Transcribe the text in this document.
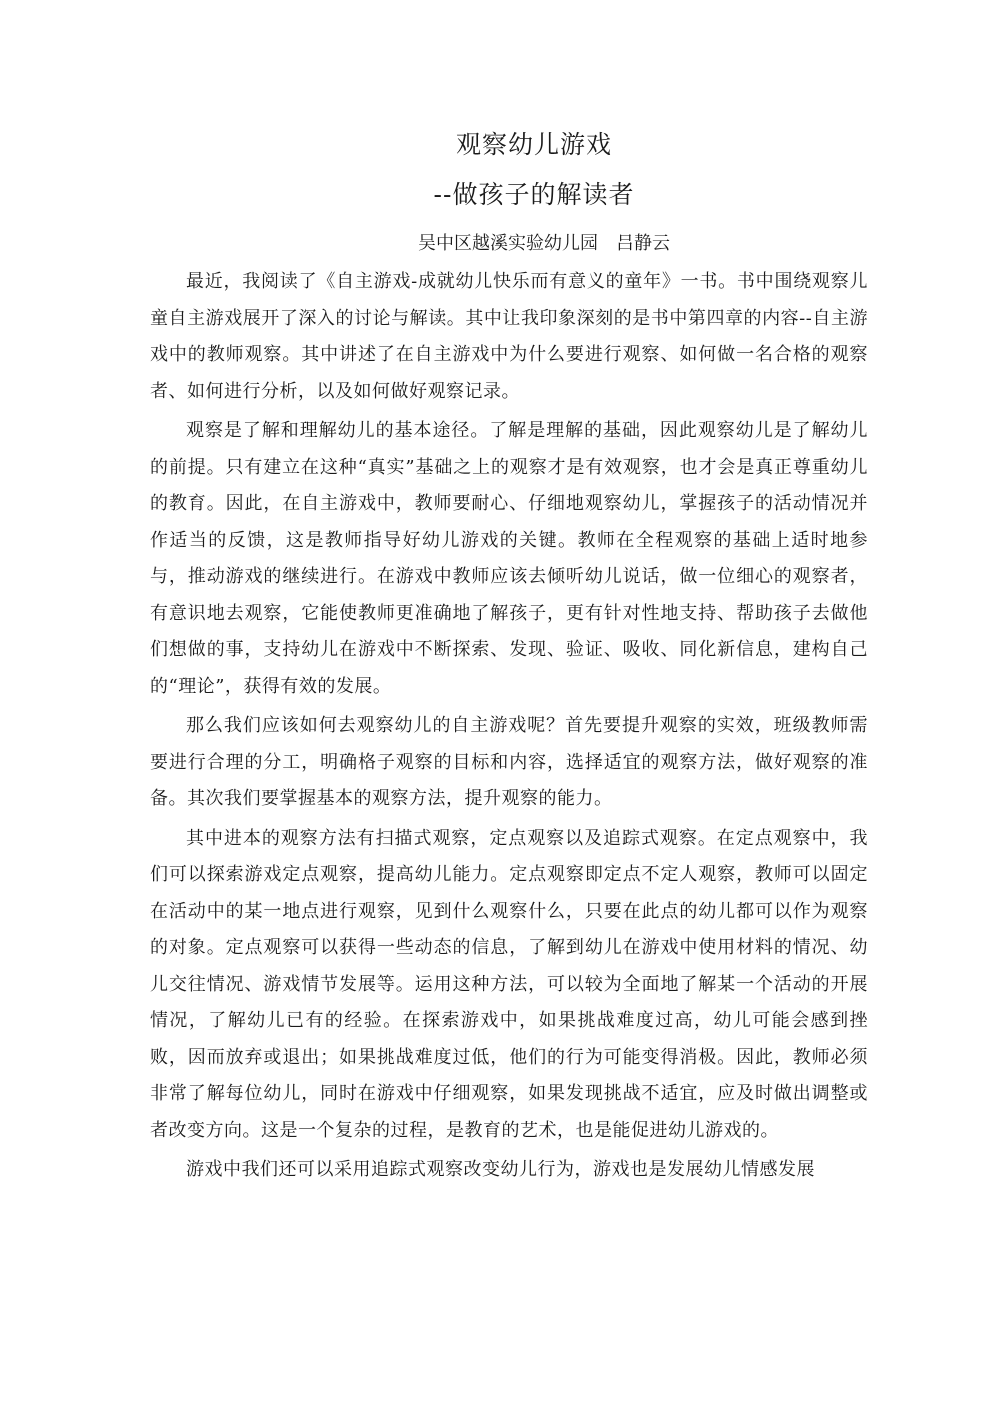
观察幼儿游戏
--做孩子的解读者
吴中区越溪实验幼儿园　吕静云

最近，我阅读了《自主游戏-成就幼儿快乐而有意义的童年》一书。书中围绕观察儿童自主游戏展开了深入的讨论与解读。其中让我印象深刻的是书中第四章的内容--自主游戏中的教师观察。其中讲述了在自主游戏中为什么要进行观察、如何做一名合格的观察者、如何进行分析，以及如何做好观察记录。

观察是了解和理解幼儿的基本途径。了解是理解的基础，因此观察幼儿是了解幼儿的前提。只有建立在这种“真实”基础之上的观察才是有效观察，也才会是真正尊重幼儿的教育。因此，在自主游戏中，教师要耐心、仔细地观察幼儿，掌握孩子的活动情况并作适当的反馈，这是教师指导好幼儿游戏的关键。教师在全程观察的基础上适时地参与，推动游戏的继续进行。在游戏中教师应该去倾听幼儿说话，做一位细心的观察者，有意识地去观察，它能使教师更准确地了解孩子，更有针对性地支持、帮助孩子去做他们想做的事，支持幼儿在游戏中不断探索、发现、验证、吸收、同化新信息，建构自己的“理论”，获得有效的发展。

那么我们应该如何去观察幼儿的自主游戏呢？首先要提升观察的实效，班级教师需要进行合理的分工，明确格子观察的目标和内容，选择适宜的观察方法，做好观察的准备。其次我们要掌握基本的观察方法，提升观察的能力。

其中进本的观察方法有扫描式观察，定点观察以及追踪式观察。在定点观察中，我们可以探索游戏定点观察，提高幼儿能力。定点观察即定点不定人观察，教师可以固定在活动中的某一地点进行观察，见到什么观察什么，只要在此点的幼儿都可以作为观察的对象。定点观察可以获得一些动态的信息，了解到幼儿在游戏中使用材料的情况、幼儿交往情况、游戏情节发展等。运用这种方法，可以较为全面地了解某一个活动的开展情况，了解幼儿已有的经验。在探索游戏中，如果挑战难度过高，幼儿可能会感到挫败，因而放弃或退出；如果挑战难度过低，他们的行为可能变得消极。因此，教师必须非常了解每位幼儿，同时在游戏中仔细观察，如果发现挑战不适宜，应及时做出调整或者改变方向。这是一个复杂的过程，是教育的艺术，也是能促进幼儿游戏的。

游戏中我们还可以采用追踪式观察改变幼儿行为，游戏也是发展幼儿情感发展
